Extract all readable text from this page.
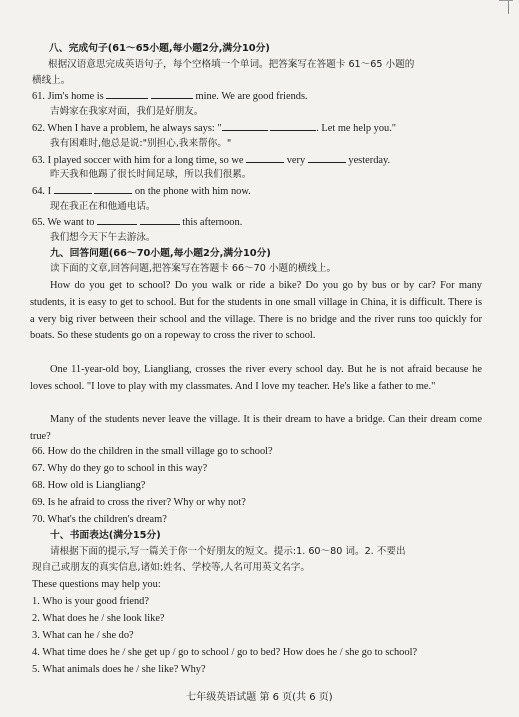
八、完成句子(61～65小题,每小题2分,满分10分)
根据汉语意思完成英语句子，每个空格填一个单词。把答案写在答题卡 61～65 小题的
横线上。
61. Jim's home is	mine. We are good friends.
吉姆家在我家对面，我们是好朋友。
62. When I have a problem, he always says: "	. Let me help you."
我有困难时,他总是说:"别担心,我来帮你。"
63. I played soccer with him for a long time, so we	very	yesterday.
昨天我和他踢了很长时间足球，所以我们很累。
64. I	on the phone with him now.
现在我正在和他通电话。
65. We want to	this afternoon.
我们想今天下午去游泳。
九、回答问题(66～70小题,每小题2分,满分10分)
读下面的文章,回答问题,把答案写在答题卡 66～70 小题的横线上。
How do you get to school? Do you walk or ride a bike? Do you go by bus or by car? For many students, it is easy to get to school. But for the students in one small village in China, it is difficult. There is a very big river between their school and the village. There is no bridge and the river runs too quickly for boats. So these students go on a ropeway to cross the river to school.
One 11-year-old boy, Liangliang, crosses the river every school day. But he is not afraid because he loves school. "I love to play with my classmates. And I love my teacher. He's like a father to me."
Many of the students never leave the village. It is their dream to have a bridge. Can their dream come true?
66. How do the children in the small village go to school?
67. Why do they go to school in this way?
68. How old is Liangliang?
69. Is he afraid to cross the river? Why or why not?
70. What's the children's dream?
十、书面表达(满分15分)
请根据下面的提示,写一篇关于你一个好朋友的短文。提示:1. 60～80 词。2. 不要出
现自己或朋友的真实信息,诸如:姓名、学校等,人名可用英文名字。
These questions may help you:
1. Who is your good friend?
2. What does he / she look like?
3. What can he / she do?
4. What time does he / she get up / go to school / go to bed? How does he / she go to school?
5. What animals does he / she like? Why?
七年级英语试题 第 6 页(共 6 页)
